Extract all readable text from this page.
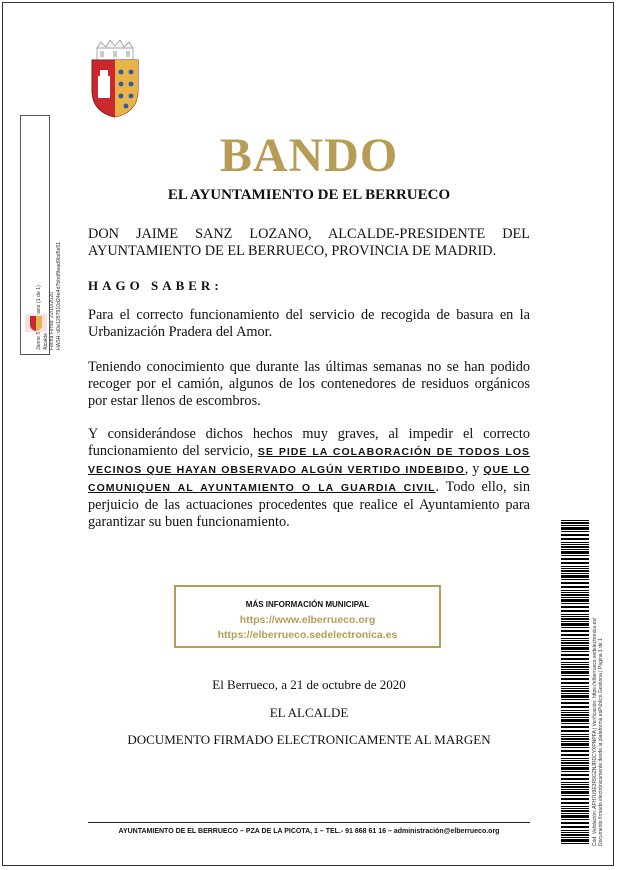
Alcalde Fecha Firma: 22/10/2020 HASH: d0e1297910d24e4d7bbdf9ead9bd5e51
BANDO
EL AYUNTAMIENTO DE EL BERRUECO

DON JAIME SANZ LOZANO, ALCALDE-PRESIDENTE DEL

AYUNTAMIENTO DE EL BERRUECO, PROVINCIA DE MADRID.

HAGO SABER:

Para el correcto funcionamiento del servicio de recogida de basura en la Urbanización Pradera del Amor.

Teniendo conocimiento que durante las últimas semanas no se han podido recoger por el camión, algunos de los contenedores de residuos orgánicos por estar llenos de escombros.

Y considerándose dichos hechos muy graves, al impedir el correcto funcionamiento del servicio, SE PIDE LA COLABORACIÓN DE TODOS LOS VECINOS QUE HAYAN OBSERVADO ALGÚN VERTIDO INDEBIDO, y QUE LO COMUNIQUEN AL AYUNTAMIENTO O LA GUARDIA CIVIL. Todo ello, sin perjuicio de las actuaciones procedentes que realice el Ayuntamiento para garantizar su buen funcionamiento.

MÁS INFORMACIÓN MUNICIPAL
https://www.elberrueco.org
https://elberrueco.sedelectronica.es
El Berrueco, a 21 de octubre de 2020
EL ALCALDE
DOCUMENTO FIRMADO ELECTRONICAMENTE AL MARGEN
AYUNTAMIENTO DE EL BERRUECO – PZA DE LA PICOTA, 1 – TEL.- 91 868 61 16 – administración@elberrueco.org	Cód. Validación: AFH7U9E3R9GZNJRDCYXPNPFA | Verificación: https://elberrueco.sedelectronica.es/ Documento firmado electrónicamente desde la plataforma esPublico Gestiona | Página 1 de 1
